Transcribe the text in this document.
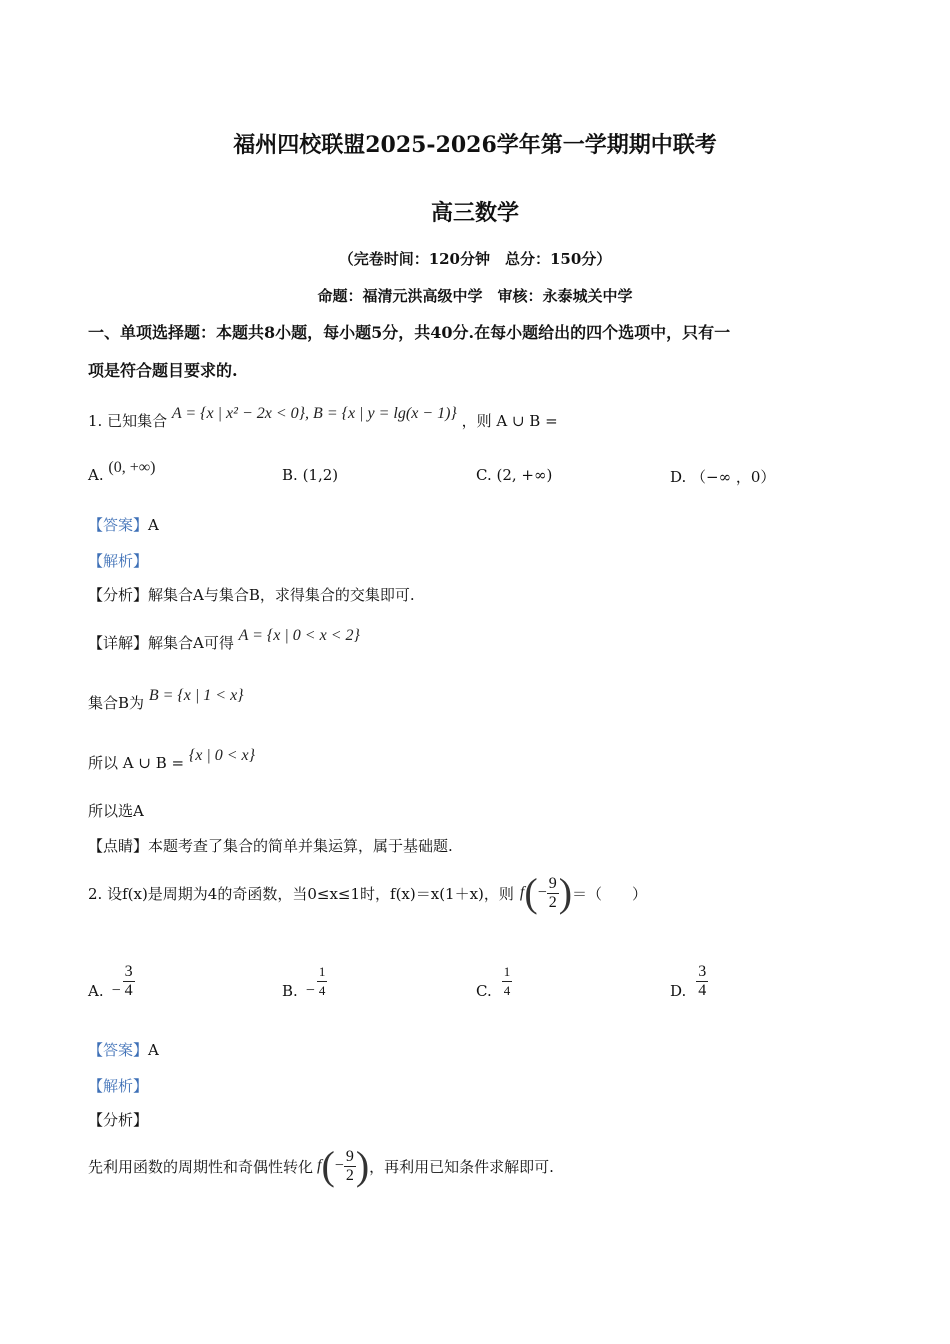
福州四校联盟2025-2026学年第一学期期中联考
高三数学
（完卷时间：120分钟　总分：150分）
命题：福清元洪高级中学　审核：永泰城关中学
一、单项选择题：本题共8小题，每小题5分，共40分.在每小题给出的四个选项中，只有一
项是符合题目要求的.
1. 已知集合 A = {x | x² − 2x < 0}, B = {x | y = lg(x − 1)} ，则 A ∪ B =
A. (0, +∞)	B. (1,2)	C. (2, +∞)	D. （−∞ ，0）
【答案】A
【解析】
【分析】解集合A与集合B，求得集合的交集即可.
【详解】解集合A可得 A = {x | 0 < x < 2}
集合B为 B = {x | 1 < x}
所以 A ∪ B = {x | 0 < x}
所以选A
【点睛】本题考查了集合的简单并集运算，属于基础题.
2. 设f(x)是周期为4的奇函数，当0≤x≤1时，f(x)＝x(1＋x)，则 f ( − $\frac{9}{2}$ ) ＝（　　）
A. − $\frac{3}{4}$	B. − $\frac{1}{4}$	C. $\frac{1}{4}$	D. $\frac{3}{4}$
【答案】A
【解析】
【分析】
先利用函数的周期性和奇偶性转化 f ( − $\frac{9}{2}$ ) ，再利用已知条件求解即可.
